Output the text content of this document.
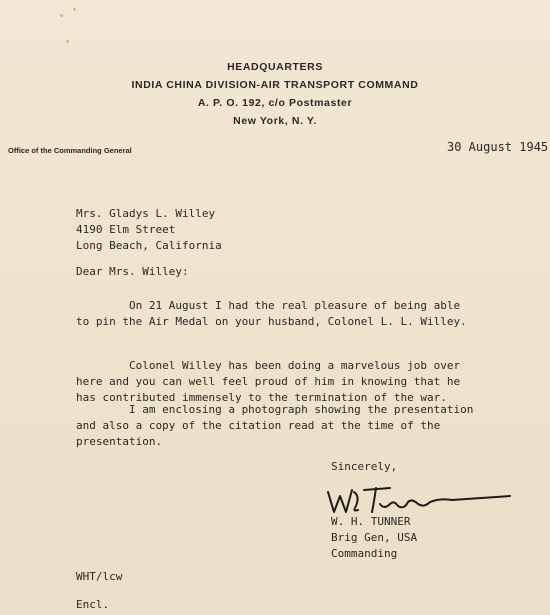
HEADQUARTERS
INDIA CHINA DIVISION-AIR TRANSPORT COMMAND
A. P. O. 192, c/o Postmaster
New York, N. Y.
Office of the Commanding General	30 August 1945
Mrs. Gladys L. Willey
4190 Elm Street
Long Beach, California
Dear Mrs. Willey:
On 21 August I had the real pleasure of being able
to pin the Air Medal on your husband, Colonel L. L. Willey.
Colonel Willey has been doing a marvelous job over
here and you can well feel proud of him in knowing that he
has contributed immensely to the termination of the war.
I am enclosing a photograph showing the presentation
and also a copy of the citation read at the time of the
presentation.
Sincerely,
W. H. TUNNER
Brig Gen, USA
Commanding
WHT/lcw
Encl.
